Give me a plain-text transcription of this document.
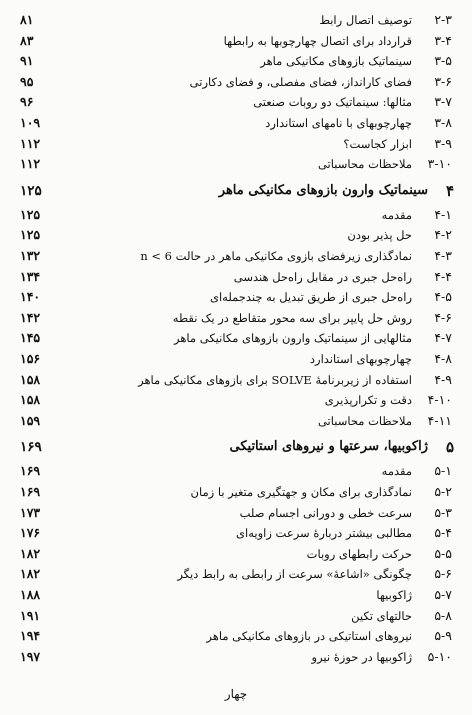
۲-۳
توصیف اتصال رابط
۸۱
۳-۴
قرارداد برای اتصال چهارچوبها به رابطها
۸۳
۳-۵
سینماتیک بازوهای مکانیکی ماهر
۹۱
۳-۶
فضای کارانداز، فضای مفصلی، و فضای دکارتی
۹۵
۳-۷
مثالها: سینماتیک دو روبات صنعتی
۹۶
۳-۸
چهارچوبهای با نامهای استاندارد
۱۰۹
۳-۹
ابزار کجاست؟
۱۱۲
۳-۱۰
ملاحظات محاسباتی
۱۱۲
۴
سینماتیک وارون بازوهای مکانیکی ماهر
۱۲۵
۴-۱
مقدمه
۱۲۵
۴-۲
حل پذیر بودن
۱۲۵
۴-۳
نمادگذاری زیرفضای بازوی مکانیکی ماهر در حالت n < 6
۱۳۲
۴-۴
راه‌حل جبری در مقابل راه‌حل هندسی
۱۳۴
۴-۵
راه‌حل جبری از طریق تبدیل به چندجمله‌ای
۱۴۰
۴-۶
روش حل پایپر برای سه محور متقاطع در یک نقطه
۱۴۲
۴-۷
مثالهایی از سینماتیک وارون بازوهای مکانیکی ماهر
۱۴۵
۴-۸
چهارچوبهای استاندارد
۱۵۶
۴-۹
استفاده از زیربرنامهٔ SOLVE برای بازوهای مکانیکی ماهر
۱۵۸
۴-۱۰
دقت و تکرارپذیری
۱۵۸
۴-۱۱
ملاحظات محاسباتی
۱۵۹
۵
ژاکوبیها، سرعتها و نیروهای استاتیکی
۱۶۹
۵-۱
مقدمه
۱۶۹
۵-۲
نمادگذاری برای مکان و جهتگیری متغیر با زمان
۱۶۹
۵-۳
سرعت خطی و دورانی اجسام صلب
۱۷۳
۵-۴
مطالبی بیشتر دربارهٔ سرعت زاویه‌ای
۱۷۶
۵-۵
حرکت رابطهای روبات
۱۸۲
۵-۶
چگونگی «اشاعهٔ» سرعت از رابطی به رابط دیگر
۱۸۲
۵-۷
ژاکوبیها
۱۸۸
۵-۸
حالتهای تکین
۱۹۱
۵-۹
نیروهای استاتیکی در بازوهای مکانیکی ماهر
۱۹۴
۵-۱۰
ژاکوبیها در حوزهٔ نیرو
۱۹۷
چهار
